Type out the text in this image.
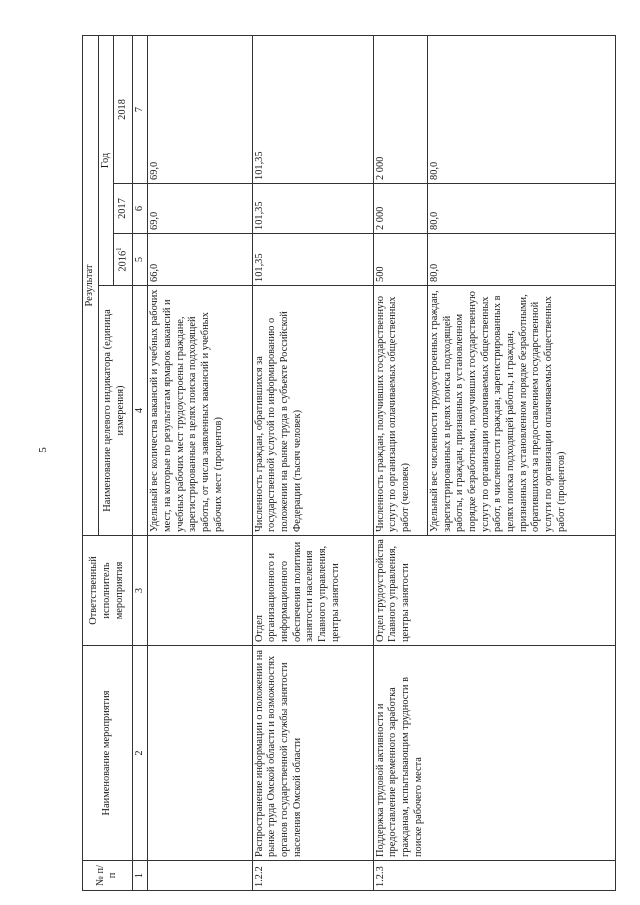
5
№ п/п	Наименование мероприятия	Ответственный исполнитель мероприятия	Результат			
			Наименование целевого индикатора (единица измерения)	Год		
				2016$^1$	2017	2018
1	2	3	4	5	6	7
			Удельный вес количества вакансий и учебных рабочих мест, на которые по результатам ярмарок вакансий и учебных рабочих мест трудоустроены граждане, зарегистрированные в целях поиска подходящей работы, от числа заявленных вакансий и учебных рабочих мест (процентов)	66,0	69,0	69,0
1.2.2	Распространение информации о положении на рынке труда Омской области и возможностях органов государственной службы занятости населения Омской области	Отдел организационного и информационного обеспечения политики занятости населения Главного управления, центры занятости	Численность граждан, обратившихся за государственной услугой по информированию о положении на рынке труда в субъекте Российской Федерации (тысяч человек)	101,35	101,35	101,35
1.2.3	Поддержка трудовой активности и предоставление временного заработка гражданам, испытывающим трудности в поиске рабочего места	Отдел трудоустройства Главного управления, центры занятости	Численность граждан, получивших государственную услугу по организации оплачиваемых общественных работ (человек)	500	2 000	2 000
			Удельный вес численности трудоустроенных граждан, зарегистрированных в целях поиска подходящей работы, и граждан, признанных в установленном порядке безработными, получивших государственную услугу по организации оплачиваемых общественных работ, в численности граждан, зарегистрированных в целях поиска подходящей работы, и граждан, признанных в установленном порядке безработными, обратившихся за предоставлением государственной услуги по организации оплачиваемых общественных работ (процентов)	80,0	80,0	80,0
